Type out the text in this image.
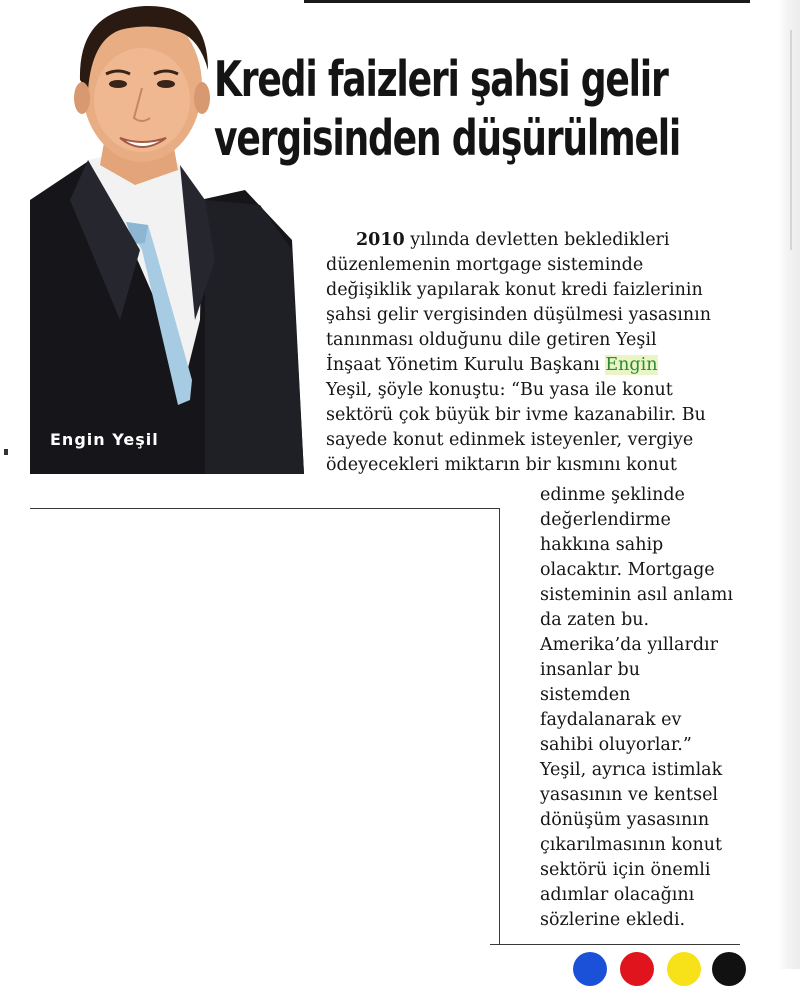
Engin Yeşil
Kredi faizleri şahsi gelir
vergisinden düşürülmeli
2010 yılında devletten bekledikleri
düzenlemenin mortgage sisteminde
değişiklik yapılarak konut kredi faizlerinin
şahsi gelir vergisinden düşülmesi yasasının
tanınması olduğunu dile getiren Yeşil
İnşaat Yönetim Kurulu Başkanı Engin
Yeşil, şöyle konuştu: “Bu yasa ile konut
sektörü çok büyük bir ivme kazanabilir. Bu
sayede konut edinmek isteyenler, vergiye
ödeyecekleri miktarın bir kısmını konut
edinme şeklinde
değerlendirme
hakkına sahip
olacaktır. Mortgage
sisteminin asıl anlamı
da zaten bu.
Amerika’da yıllardır
insanlar bu
sistemden
faydalanarak ev
sahibi oluyorlar.”
Yeşil, ayrıca istimlak
yasasının ve kentsel
dönüşüm yasasının
çıkarılmasının konut
sektörü için önemli
adımlar olacağını
sözlerine ekledi.
